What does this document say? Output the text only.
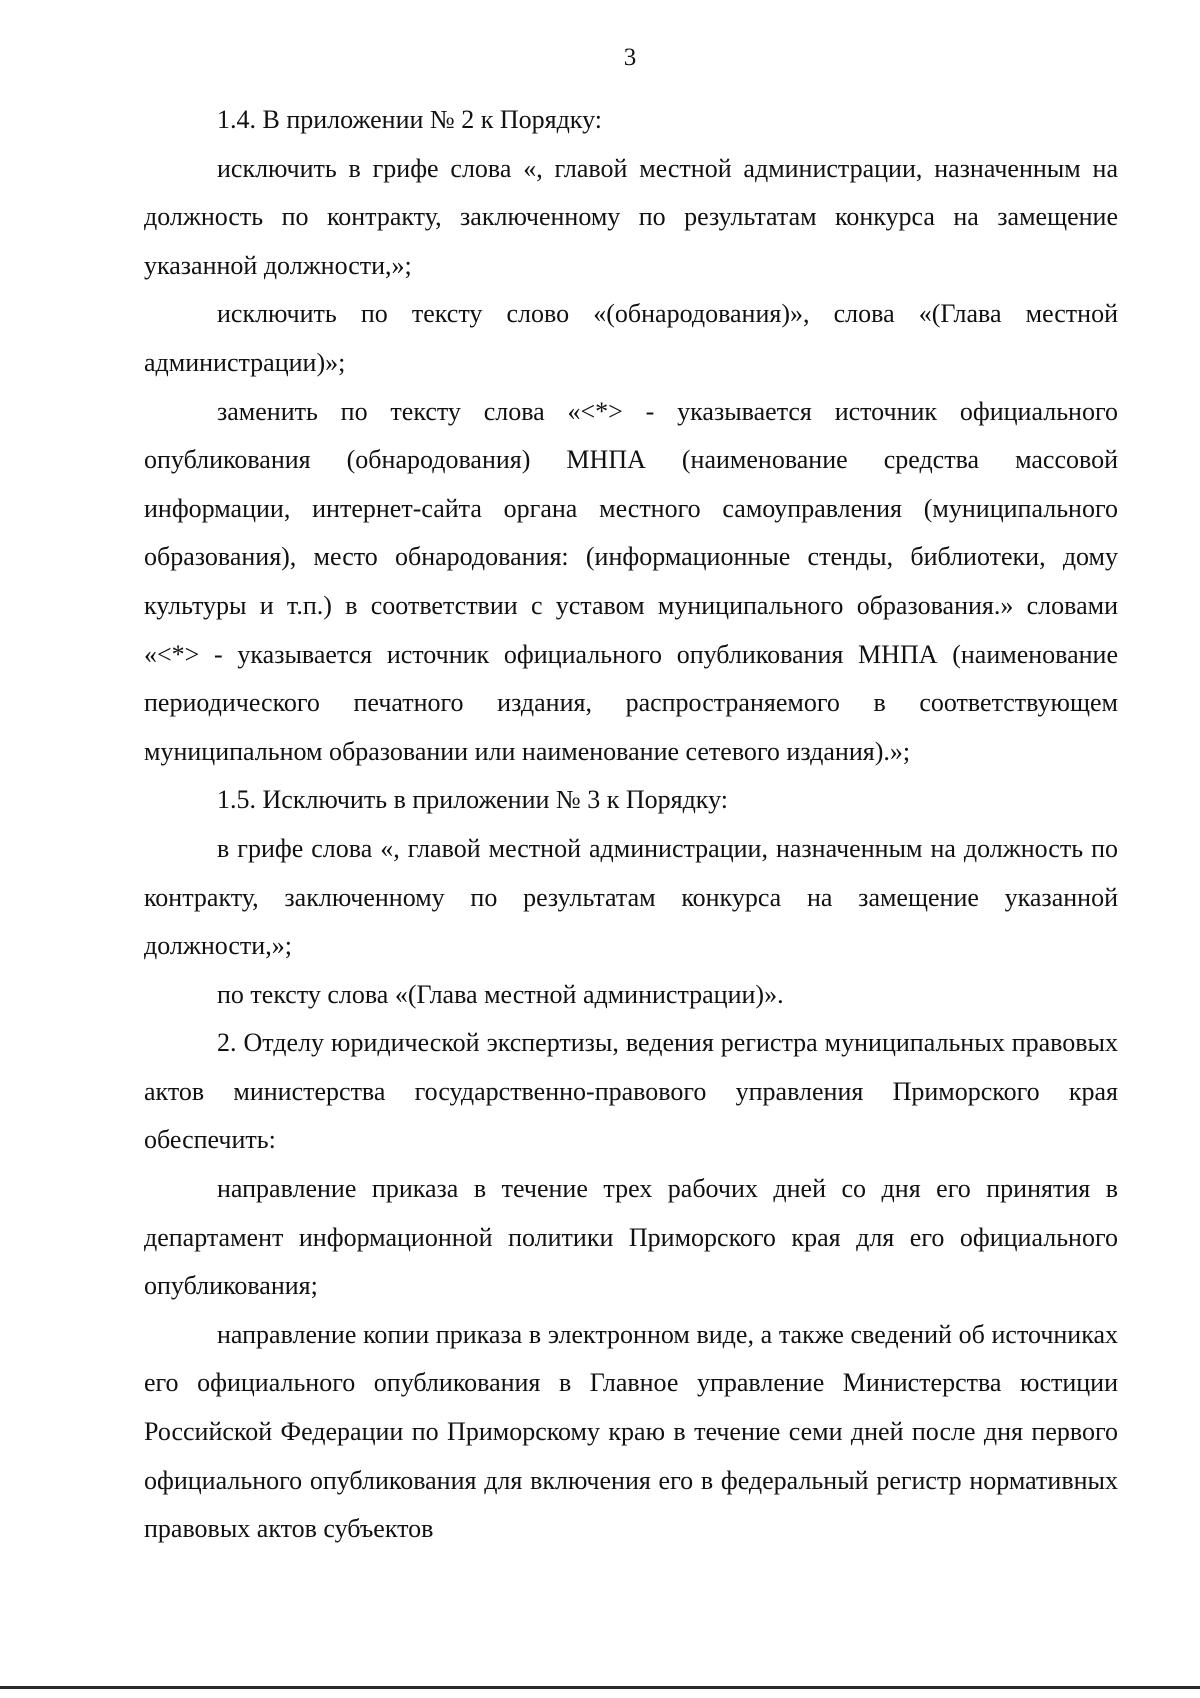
3

1.4. В приложении № 2 к Порядку:

исключить в грифе слова «, главой местной администрации, назначенным на должность по контракту, заключенному по результатам конкурса на замещение указанной должности,»;

исключить по тексту слово «(обнародования)», слова «(Глава местной администрации)»;

заменить по тексту слова «<*> - указывается источник официального опубликования (обнародования) МНПА (наименование средства массовой информации, интернет-сайта органа местного самоуправления (муниципального образования), место обнародования: (информационные стенды, библиотеки, дому культуры и т.п.) в соответствии с уставом муниципального образования.» словами «<*> - указывается источник официального опубликования МНПА (наименование периодического печатного издания, распространяемого в соответствующем муниципальном образовании или наименование сетевого издания).»;

1.5. Исключить в приложении № 3 к Порядку:

в грифе слова «, главой местной администрации, назначенным на должность по контракту, заключенному по результатам конкурса на замещение указанной должности,»;

по тексту слова «(Глава местной администрации)».

2. Отделу юридической экспертизы, ведения регистра муниципальных правовых актов министерства государственно-правового управления Приморского края обеспечить:

направление приказа в течение трех рабочих дней со дня его принятия в департамент информационной политики Приморского края для его официального опубликования;

направление копии приказа в электронном виде, а также сведений об источниках его официального опубликования в Главное управление Министерства юстиции Российской Федерации по Приморскому краю в течение семи дней после дня первого официального опубликования для включения его в федеральный регистр нормативных правовых актов субъектов
